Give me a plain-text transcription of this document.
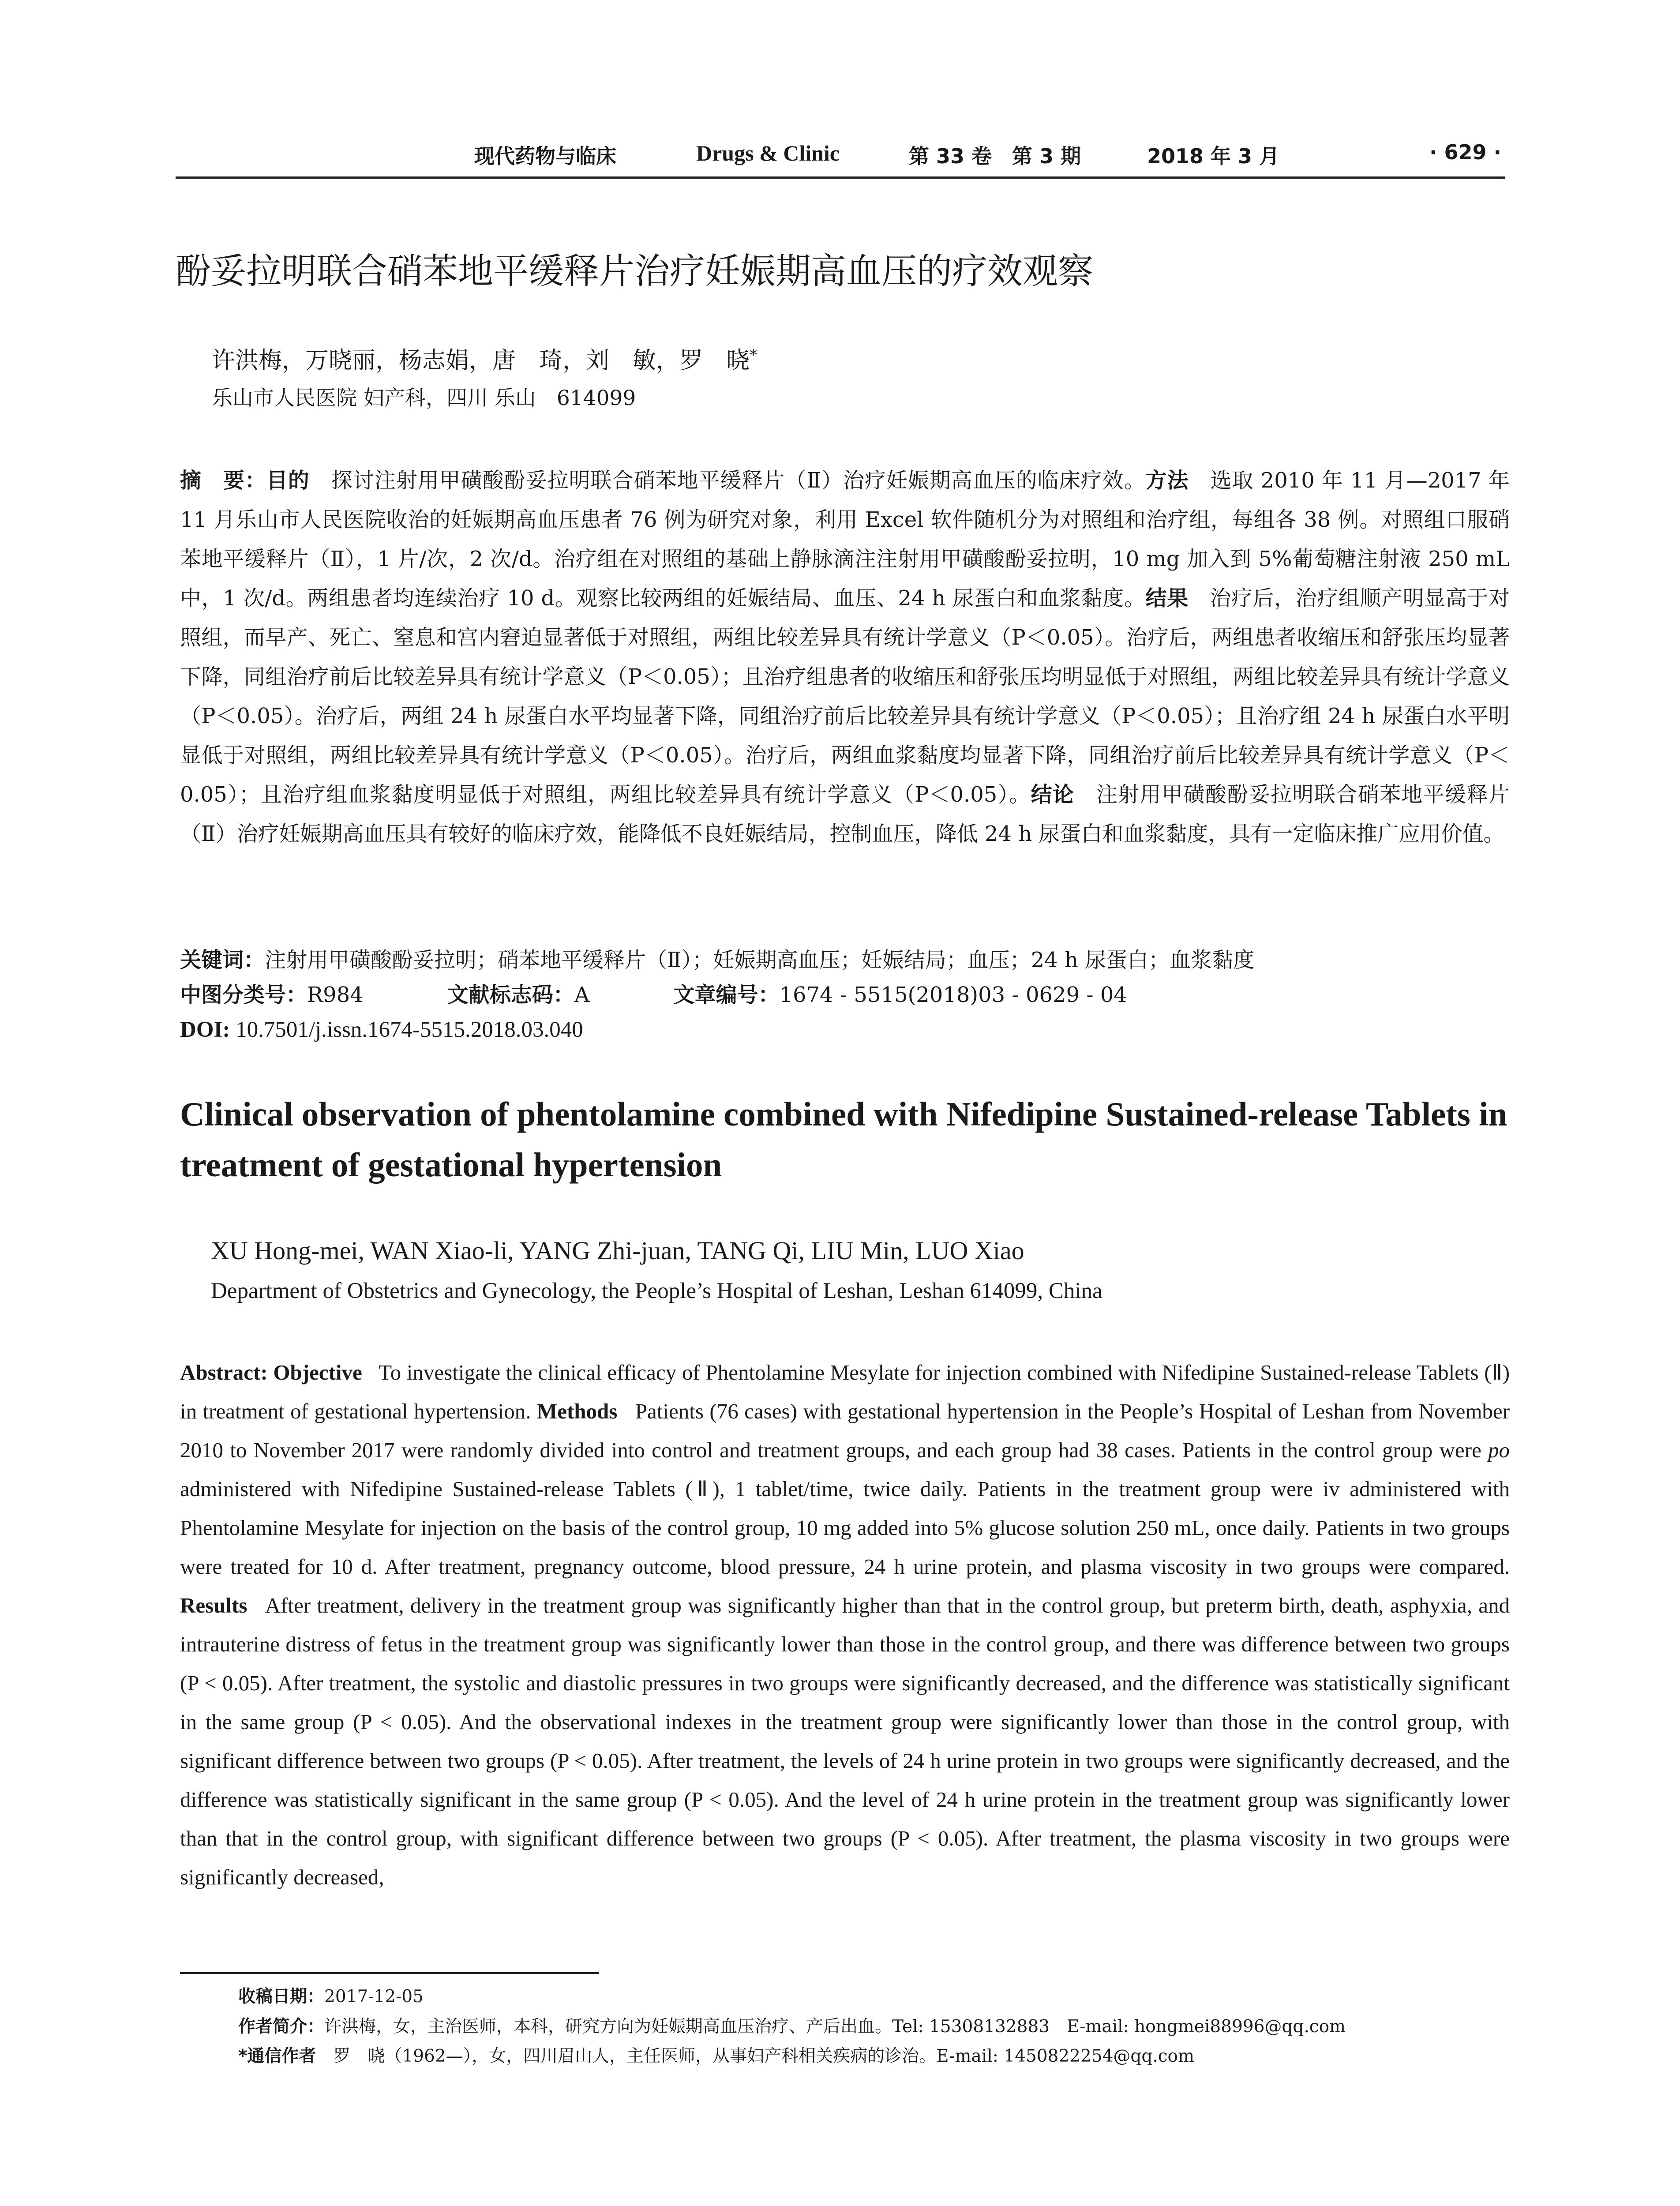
现代药物与临床	Drugs & Clinic	第 33 卷　第 3 期	2018 年 3 月	· 629 ·
酚妥拉明联合硝苯地平缓释片治疗妊娠期高血压的疗效观察
许洪梅，万晓丽，杨志娟，唐　琦，刘　敏，罗　晓*
乐山市人民医院 妇产科，四川 乐山　614099
摘　要：目的　 探讨注射用甲磺酸酚妥拉明联合硝苯地平缓释片（Ⅱ）治疗妊娠期高血压的临床疗效。方法　 选取 2010 年 11 月—2017 年 11 月乐山市人民医院收治的妊娠期高血压患者 76 例为研究对象，利用 Excel 软件随机分为对照组和治疗组，每组各 38 例。对照组口服硝苯地平缓释片（Ⅱ），1 片/次，2 次/d。治疗组在对照组的基础上静脉滴注注射用甲磺酸酚妥拉明，10 mg 加入到 5%葡萄糖注射液 250 mL 中，1 次/d。两组患者均连续治疗 10 d。观察比较两组的妊娠结局、血压、24 h 尿蛋白和血浆黏度。结果　 治疗后，治疗组顺产明显高于对照组，而早产、死亡、窒息和宫内窘迫显著低于对照组，两组比较差异具有统计学意义（P＜0.05）。治疗后，两组患者收缩压和舒张压均显著下降，同组治疗前后比较差异具有统计学意义（P＜0.05）；且治疗组患者的收缩压和舒张压均明显低于对照组，两组比较差异具有统计学意义（P＜0.05）。治疗后，两组 24 h 尿蛋白水平均显著下降，同组治疗前后比较差异具有统计学意义（P＜0.05）；且治疗组 24 h 尿蛋白水平明显低于对照组，两组比较差异具有统计学意义（P＜0.05）。治疗后，两组血浆黏度均显著下降，同组治疗前后比较差异具有统计学意义（P＜0.05）；且治疗组血浆黏度明显低于对照组，两组比较差异具有统计学意义（P＜0.05）。结论　 注射用甲磺酸酚妥拉明联合硝苯地平缓释片（Ⅱ）治疗妊娠期高血压具有较好的临床疗效，能降低不良妊娠结局，控制血压，降低 24 h 尿蛋白和血浆黏度，具有一定临床推广应用价值。
关键词：注射用甲磺酸酚妥拉明；硝苯地平缓释片（Ⅱ）；妊娠期高血压；妊娠结局；血压；24 h 尿蛋白；血浆黏度
中图分类号：R984	文献标志码：A	文章编号：1674 - 5515(2018)03 - 0629 - 04
DOI: 10.7501/j.issn.1674-5515.2018.03.040
Clinical observation of phentolamine combined with Nifedipine Sustained-release Tablets in treatment of gestational hypertension
XU Hong-mei, WAN Xiao-li, YANG Zhi-juan, TANG Qi, LIU Min, LUO Xiao
Department of Obstetrics and Gynecology, the People’s Hospital of Leshan, Leshan 614099, China
Abstract: Objective To investigate the clinical efficacy of Phentolamine Mesylate for injection combined with Nifedipine Sustained-release Tablets (Ⅱ) in treatment of gestational hypertension. Methods Patients (76 cases) with gestational hypertension in the People’s Hospital of Leshan from November 2010 to November 2017 were randomly divided into control and treatment groups, and each group had 38 cases. Patients in the control group were po administered with Nifedipine Sustained-release Tablets (Ⅱ), 1 tablet/time, twice daily. Patients in the treatment group were iv administered with Phentolamine Mesylate for injection on the basis of the control group, 10 mg added into 5% glucose solution 250 mL, once daily. Patients in two groups were treated for 10 d. After treatment, pregnancy outcome, blood pressure, 24 h urine protein, and plasma viscosity in two groups were compared. Results After treatment, delivery in the treatment group was significantly higher than that in the control group, but preterm birth, death, asphyxia, and intrauterine distress of fetus in the treatment group was significantly lower than those in the control group, and there was difference between two groups (P < 0.05). After treatment, the systolic and diastolic pressures in two groups were significantly decreased, and the difference was statistically significant in the same group (P < 0.05). And the observational indexes in the treatment group were significantly lower than those in the control group, with significant difference between two groups (P < 0.05). After treatment, the levels of 24 h urine protein in two groups were significantly decreased, and the difference was statistically significant in the same group (P < 0.05). And the level of 24 h urine protein in the treatment group was significantly lower than that in the control group, with significant difference between two groups (P < 0.05). After treatment, the plasma viscosity in two groups were significantly decreased,
收稿日期：2017-12-05
作者简介：许洪梅，女，主治医师，本科，研究方向为妊娠期高血压治疗、产后出血。Tel: 15308132883　E-mail: hongmei88996@qq.com
*通信作者　 罗　晓（1962—），女，四川眉山人，主任医师，从事妇产科相关疾病的诊治。E-mail: 1450822254@qq.com
